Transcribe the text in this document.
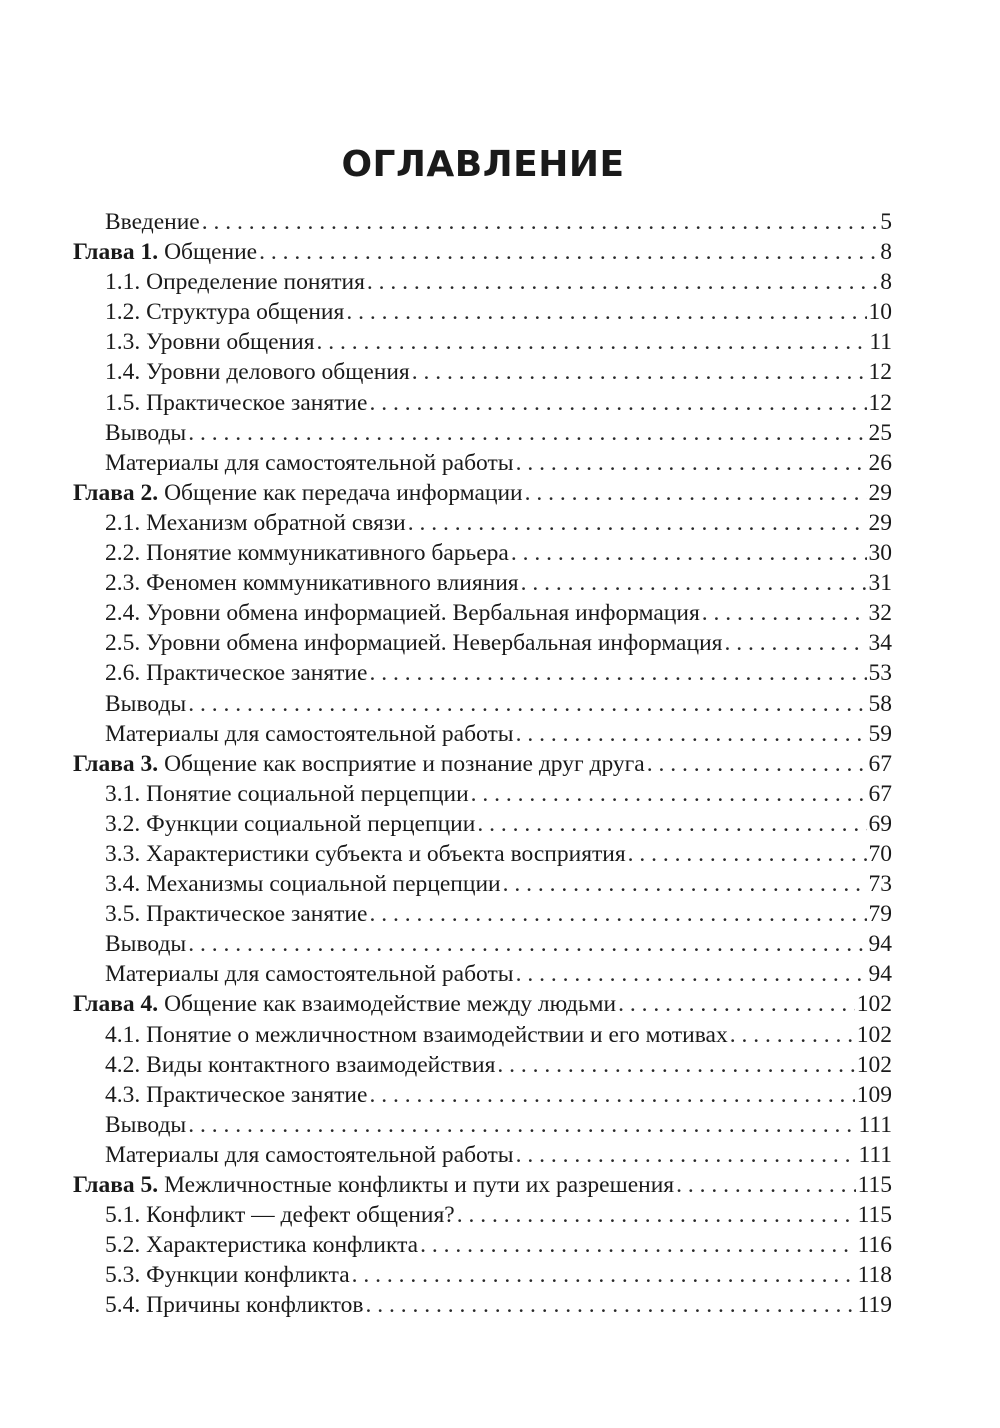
ОГЛАВЛЕНИЕ
Введение . . .	5
Глава 1. Общение . . .	8
1.1. Определение понятия . . .	8
1.2. Структура общения . . .	10
1.3. Уровни общения . . .	11
1.4. Уровни делового общения . . .	12
1.5. Практическое занятие . . .	12
Выводы . . .	25
Материалы для самостоятельной работы . . .	26
Глава 2. Общение как передача информации . . .	29
2.1. Механизм обратной связи . . .	29
2.2. Понятие коммуникативного барьера . . .	30
2.3. Феномен коммуникативного влияния . . .	31
2.4. Уровни обмена информацией. Вербальная информация . . .	32
2.5. Уровни обмена информацией. Невербальная информация . . .	34
2.6. Практическое занятие . . .	53
Выводы . . .	58
Материалы для самостоятельной работы . . .	59
Глава 3. Общение как восприятие и познание друг друга . . .	67
3.1. Понятие социальной перцепции . . .	67
3.2. Функции социальной перцепции . . .	69
3.3. Характеристики субъекта и объекта восприятия . . .	70
3.4. Механизмы социальной перцепции . . .	73
3.5. Практическое занятие . . .	79
Выводы . . .	94
Материалы для самостоятельной работы . . .	94
Глава 4. Общение как взаимодействие между людьми . . .	102
4.1. Понятие о межличностном взаимодействии и его мотивах . . .	102
4.2. Виды контактного взаимодействия . . .	102
4.3. Практическое занятие . . .	109
Выводы . . .	111
Материалы для самостоятельной работы . . .	111
Глава 5. Межличностные конфликты и пути их разрешения . . .	115
5.1. Конфликт — дефект общения? . . .	115
5.2. Характеристика конфликта . . .	116
5.3. Функции конфликта . . .	118
5.4. Причины конфликтов . . .	119
